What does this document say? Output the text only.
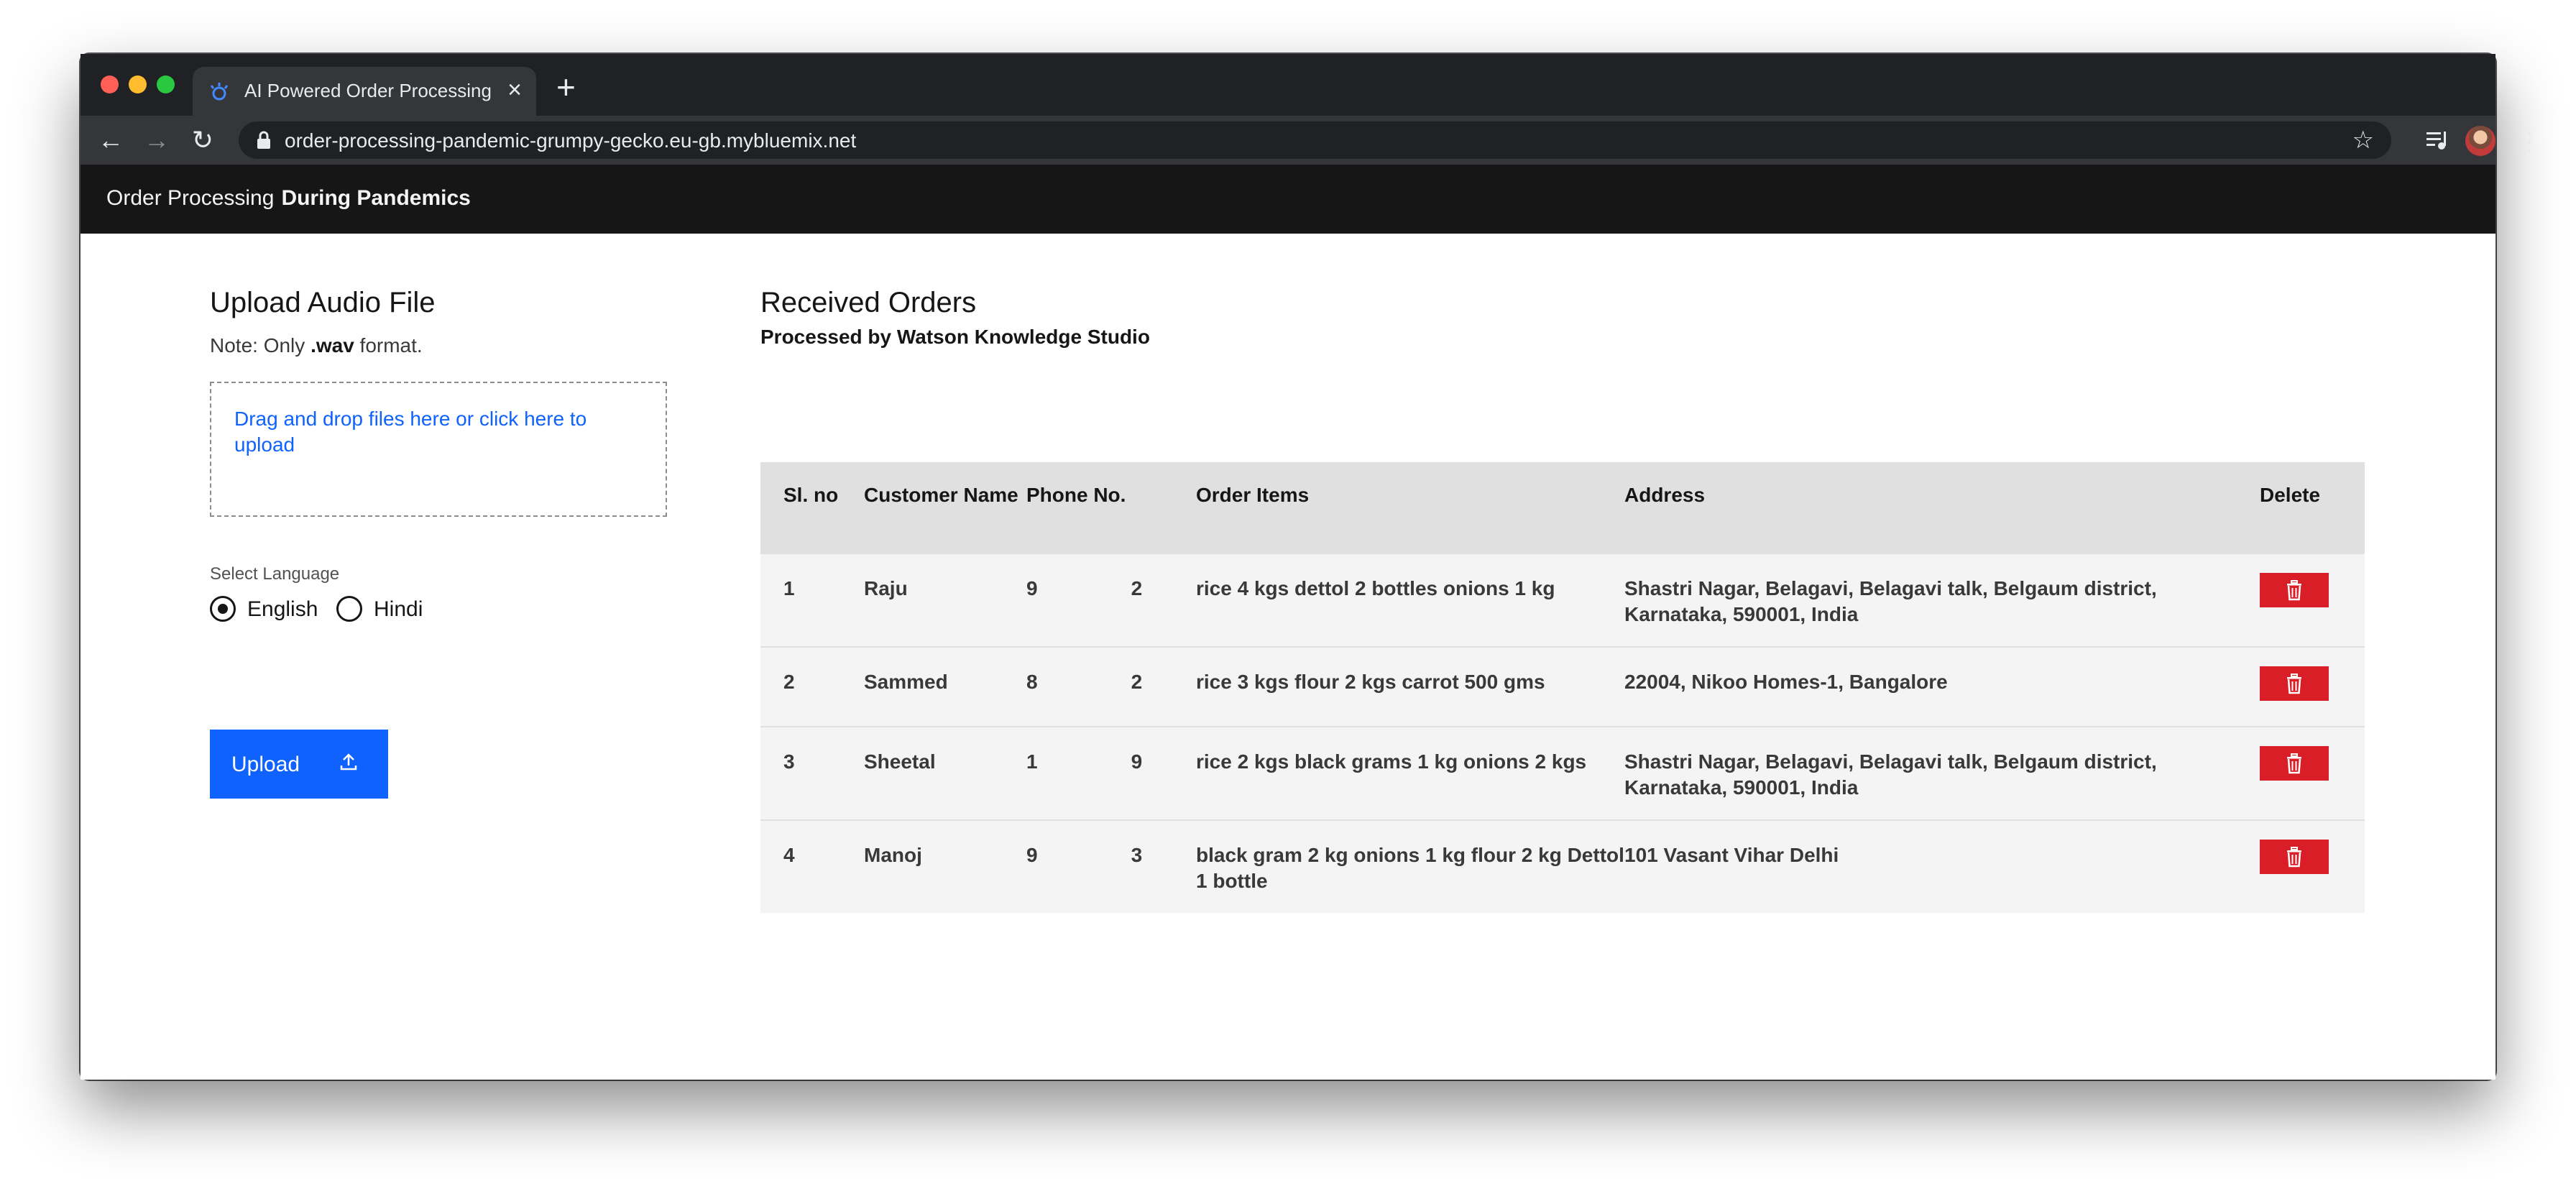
AI Powered Order Processing × +
← → ↻	order-processing-pandemic-grumpy-gecko.eu-gb.mybluemix.net	☆	⋮
Order Processing During Pandemics
Upload Audio File
Note: Only .wav format.
Drag and drop files here or click here to upload
Select Language
English	Hindi
Upload
Received Orders
Processed by Watson Knowledge Studio
Sl. no	Customer Name	Phone No.	Order Items	Address	Delete
1	Raju	9 2	rice 4 kgs dettol 2 bottles onions 1 kg	Shastri Nagar, Belagavi, Belagavi talk, Belgaum district, Karnataka, 590001, India	

2	Sammed	8 2	rice 3 kgs flour 2 kgs carrot 500 gms	22004, Nikoo Homes-1, Bangalore	

3	Sheetal	1 9	rice 2 kgs black grams 1 kg onions 2 kgs	Shastri Nagar, Belagavi, Belagavi talk, Belgaum district, Karnataka, 590001, India	

4	Manoj	9 3	black gram 2 kg onions 1 kg flour 2 kg Dettol 1 bottle	101 Vasant Vihar Delhi	
